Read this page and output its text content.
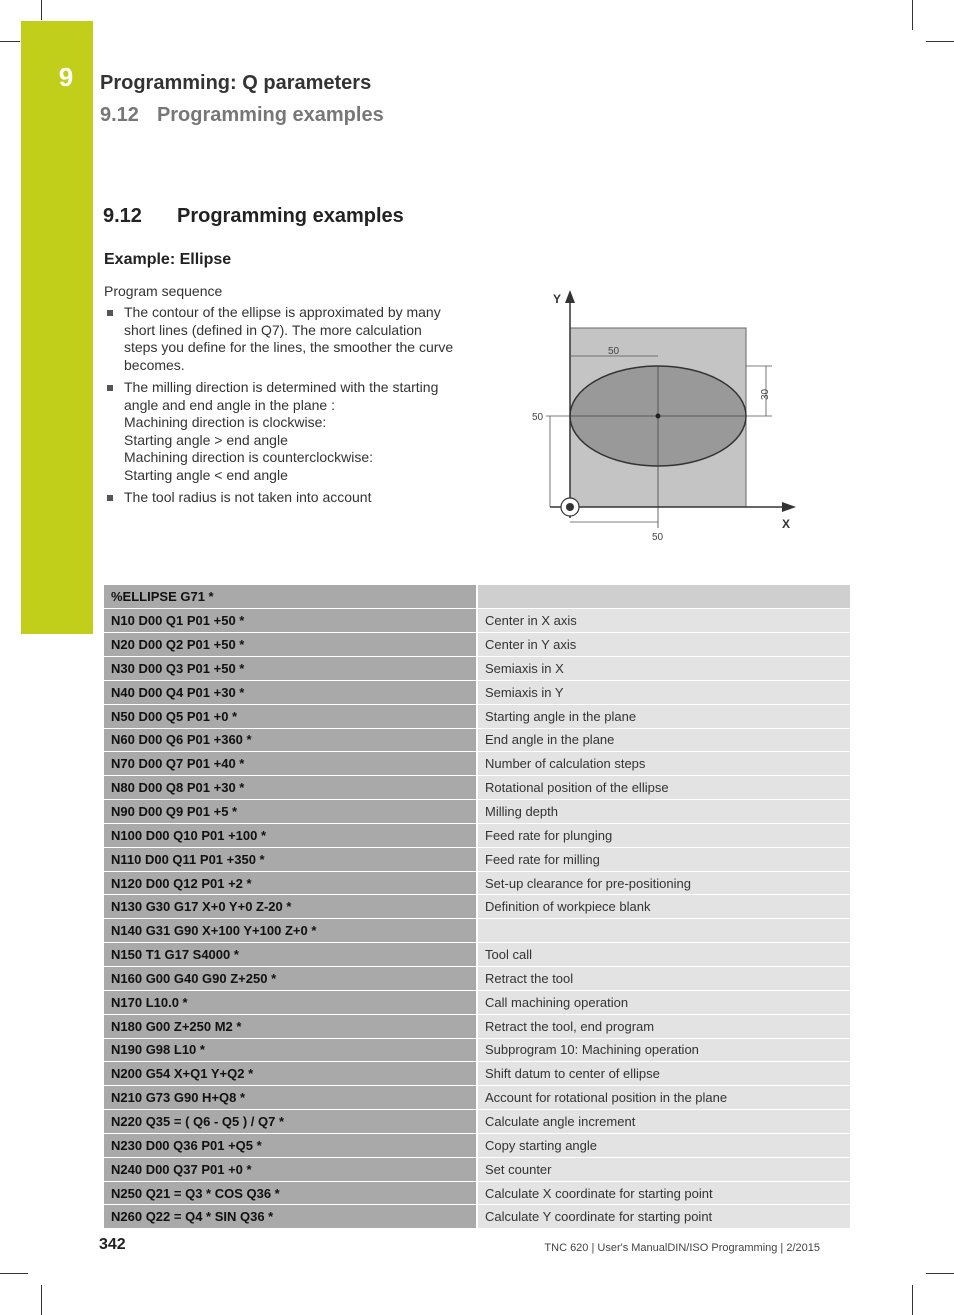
9	Programming: Q parameters
9.12 Programming examples
9.12 Programming examples
Example: Ellipse
Program sequence
The contour of the ellipse is approximated by many
short lines (defined in Q7). The more calculation
steps you define for the lines, the smoother the curve
becomes.
The milling direction is determined with the starting
angle and end angle in the plane :
Machining direction is clockwise:
Starting angle > end angle
Machining direction is counterclockwise:
Starting angle < end angle
The tool radius is not taken into account
50
30
50
50
Y
X
%ELLIPSE G71 *	
N10 D00 Q1 P01 +50 *	Center in X axis
N20 D00 Q2 P01 +50 *	Center in Y axis
N30 D00 Q3 P01 +50 *	Semiaxis in X
N40 D00 Q4 P01 +30 *	Semiaxis in Y
N50 D00 Q5 P01 +0 *	Starting angle in the plane
N60 D00 Q6 P01 +360 *	End angle in the plane
N70 D00 Q7 P01 +40 *	Number of calculation steps
N80 D00 Q8 P01 +30 *	Rotational position of the ellipse
N90 D00 Q9 P01 +5 *	Milling depth
N100 D00 Q10 P01 +100 *	Feed rate for plunging
N110 D00 Q11 P01 +350 *	Feed rate for milling
N120 D00 Q12 P01 +2 *	Set-up clearance for pre-positioning
N130 G30 G17 X+0 Y+0 Z-20 *	Definition of workpiece blank
N140 G31 G90 X+100 Y+100 Z+0 *	
N150 T1 G17 S4000 *	Tool call
N160 G00 G40 G90 Z+250 *	Retract the tool
N170 L10.0 *	Call machining operation
N180 G00 Z+250 M2 *	Retract the tool, end program
N190 G98 L10 *	Subprogram 10: Machining operation
N200 G54 X+Q1 Y+Q2 *	Shift datum to center of ellipse
N210 G73 G90 H+Q8 *	Account for rotational position in the plane
N220 Q35 = ( Q6 - Q5 ) / Q7 *	Calculate angle increment
N230 D00 Q36 P01 +Q5 *	Copy starting angle
N240 D00 Q37 P01 +0 *	Set counter
N250 Q21 = Q3 * COS Q36 *	Calculate X coordinate for starting point
N260 Q22 = Q4 * SIN Q36 *	Calculate Y coordinate for starting point
342	TNC 620 | User's ManualDIN/ISO Programming | 2/2015
